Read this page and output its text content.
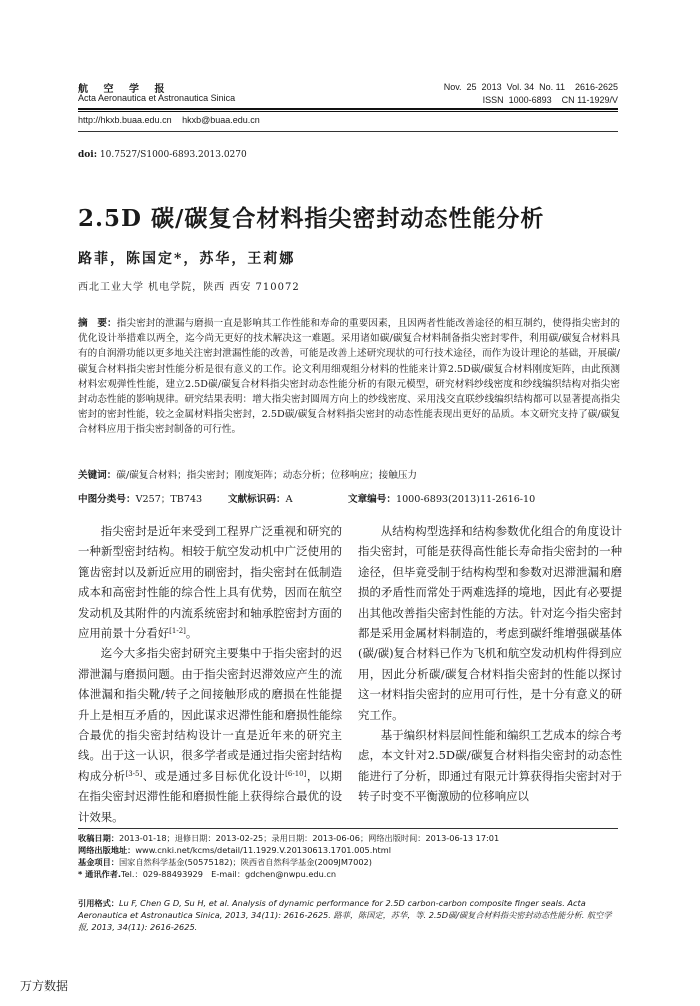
航 空 学 报
Acta Aeronautica et Astronautica Sinica
Nov.  25  2013  Vol. 34  No. 11    2616-2625
ISSN  1000-6893    CN 11-1929/V
http://hkxb.buaa.edu.cn hkxb@buaa.edu.cn
doi: 10.7527/S1000-6893.2013.0270
2.5D 碳/碳复合材料指尖密封动态性能分析
路菲，陈国定*，苏华，王莉娜
西北工业大学 机电学院，陕西 西安 710072
摘　要：指尖密封的泄漏与磨损一直是影响其工作性能和寿命的重要因素，且因两者性能改善途径的相互制约，使得指尖密封的优化设计举措难以两全，迄今尚无更好的技术解决这一难题。采用诸如碳/碳复合材料制备指尖密封零件，利用碳/碳复合材料具有的自润滑功能以更多地关注密封泄漏性能的改善，可能是改善上述研究现状的可行技术途径，而作为设计理论的基础，开展碳/碳复合材料指尖密封性能分析是很有意义的工作。论文利用细观组分材料的性能来计算2.5D碳/碳复合材料刚度矩阵，由此预测材料宏观弹性性能，建立2.5D碳/碳复合材料指尖密封动态性能分析的有限元模型，研究材料纱线密度和纱线编织结构对指尖密封动态性能的影响规律。研究结果表明：增大指尖密封圆周方向上的纱线密度、采用浅交直联纱线编织结构都可以显著提高指尖密封的密封性能，较之金属材料指尖密封，2.5D碳/碳复合材料指尖密封的动态性能表现出更好的品质。本文研究支持了碳/碳复合材料应用于指尖密封制备的可行性。
关键词：碳/碳复合材料；指尖密封；刚度矩阵；动态分析；位移响应；接触压力
中图分类号：V257；TB743	文献标识码：A	文章编号：1000-6893(2013)11-2616-10

指尖密封是近年来受到工程界广泛重视和研究的一种新型密封结构。相较于航空发动机中广泛使用的篦齿密封以及新近应用的刷密封，指尖密封在低制造成本和高密封性能的综合性上具有优势，因而在航空发动机及其附件的内流系统密封和轴承腔密封方面的应用前景十分看好[1-2]。

迄今大多指尖密封研究主要集中于指尖密封的迟滞泄漏与磨损问题。由于指尖密封迟滞效应产生的流体泄漏和指尖靴/转子之间接触形成的磨损在性能提升上是相互矛盾的，因此谋求迟滞性能和磨损性能综合最优的指尖密封结构设计一直是近年来的研究主线。出于这一认识，很多学者或是通过指尖密封结构构成分析[3-5]、或是通过多目标优化设计[6-10]，以期在指尖密封迟滞性能和磨损性能上获得综合最优的设计效果。

从结构构型选择和结构参数优化组合的角度设计指尖密封，可能是获得高性能长寿命指尖密封的一种途径，但毕竟受制于结构构型和参数对迟滞泄漏和磨损的矛盾性而常处于两难选择的境地，因此有必要提出其他改善指尖密封性能的方法。针对迄今指尖密封都是采用金属材料制造的，考虑到碳纤维增强碳基体(碳/碳)复合材料已作为飞机和航空发动机构件得到应用，因此分析碳/碳复合材料指尖密封的性能以探讨这一材料指尖密封的应用可行性，是十分有意义的研究工作。

基于编织材料层间性能和编织工艺成本的综合考虑，本文针对2.5D碳/碳复合材料指尖密封的动态性能进行了分析，即通过有限元计算获得指尖密封对于转子时变不平衡激励的位移响应以

收稿日期：2013-01-18；退修日期：2013-02-25；录用日期：2013-06-06；网络出版时间：2013-06-13 17:01
网络出版地址：www.cnki.net/kcms/detail/11.1929.V.20130613.1701.005.html
基金项目：国家自然科学基金(50575182)；陕西省自然科学基金(2009JM7002)
* 通讯作者.Tel.：029-88493929　E-mail：gdchen@nwpu.edu.cn
引用格式：Lu F, Chen G D, Su H, et al. Analysis of dynamic performance for 2.5D carbon-carbon composite finger seals. Acta Aeronautica et Astronautica Sinica, 2013, 34(11): 2616-2625. 路菲，陈国定，苏华，等. 2.5D碳/碳复合材料指尖密封动态性能分析. 航空学报, 2013, 34(11): 2616-2625.
万方数据
